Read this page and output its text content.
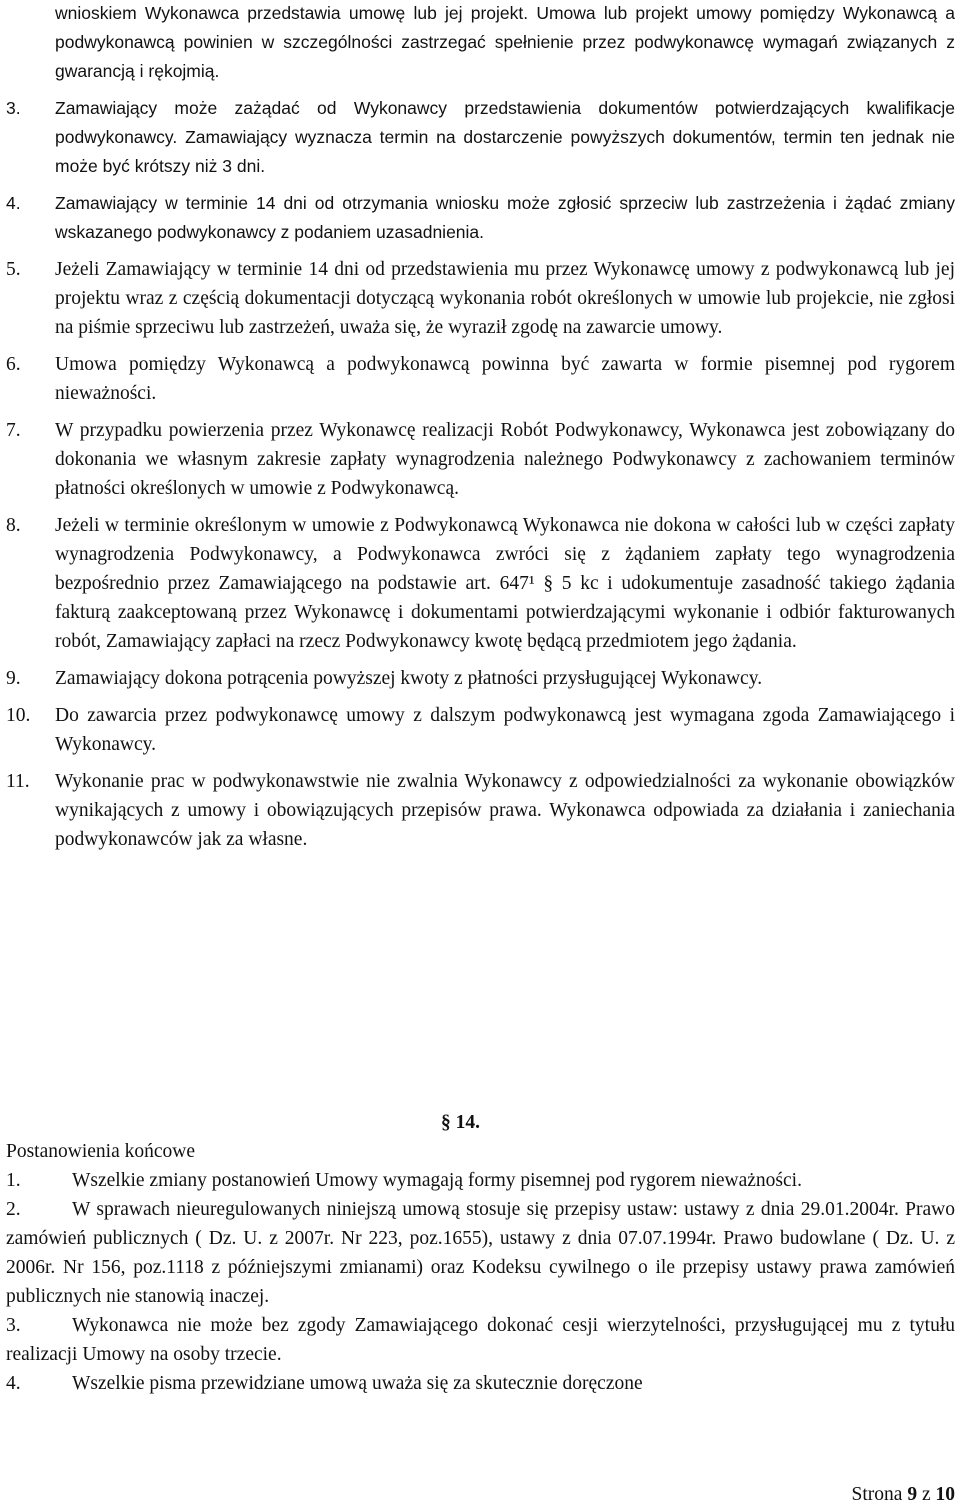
wnioskiem Wykonawca przedstawia umowę lub jej projekt. Umowa lub projekt umowy pomiędzy Wykonawcą a podwykonawcą powinien w szczególności zastrzegać spełnienie przez podwykonawcę wymagań związanych z gwarancją i rękojmią.

3. Zamawiający może zażądać od Wykonawcy przedstawienia dokumentów potwierdzających kwalifikacje podwykonawcy. Zamawiający wyznacza termin na dostarczenie powyższych dokumentów, termin ten jednak nie może być krótszy niż 3 dni.
4. Zamawiający w terminie 14 dni od otrzymania wniosku może zgłosić sprzeciw lub zastrzeżenia i żądać zmiany wskazanego podwykonawcy z podaniem uzasadnienia.
5. Jeżeli Zamawiający w terminie 14 dni od przedstawienia mu przez Wykonawcę umowy z podwykonawcą lub jej projektu wraz z częścią dokumentacji dotyczącą wykonania robót określonych w umowie lub projekcie, nie zgłosi na piśmie sprzeciwu lub zastrzeżeń, uważa się, że wyraził zgodę na zawarcie umowy.
6. Umowa pomiędzy Wykonawcą a podwykonawcą powinna być zawarta w formie pisemnej pod rygorem nieważności.
7. W przypadku powierzenia przez Wykonawcę realizacji Robót Podwykonawcy, Wykonawca jest zobowiązany do dokonania we własnym zakresie zapłaty wynagrodzenia należnego Podwykonawcy z zachowaniem terminów płatności określonych w umowie z Podwykonawcą.
8. Jeżeli w terminie określonym w umowie z Podwykonawcą Wykonawca nie dokona w całości lub w części zapłaty wynagrodzenia Podwykonawcy, a Podwykonawca zwróci się z żądaniem zapłaty tego wynagrodzenia bezpośrednio przez Zamawiającego na podstawie art. 647¹ § 5 kc i udokumentuje zasadność takiego żądania fakturą zaakceptowaną przez Wykonawcę i dokumentami potwierdzającymi wykonanie i odbiór fakturowanych robót, Zamawiający zapłaci na rzecz Podwykonawcy kwotę będącą przedmiotem jego żądania.
9. Zamawiający dokona potrącenia powyższej kwoty z płatności przysługującej Wykonawcy.
10. Do zawarcia przez podwykonawcę umowy z dalszym podwykonawcą jest wymagana zgoda Zamawiającego i Wykonawcy.
11. Wykonanie prac w podwykonawstwie nie zwalnia Wykonawcy z odpowiedzialności za wykonanie obowiązków wynikających z umowy i obowiązujących przepisów prawa. Wykonawca odpowiada za działania i zaniechania podwykonawców jak za własne.
§ 14.
Postanowienia końcowe
1.	Wszelkie zmiany postanowień Umowy wymagają formy pisemnej pod rygorem nieważności.
2.	W sprawach nieuregulowanych niniejszą umową stosuje się przepisy ustaw: ustawy z dnia 29.01.2004r. Prawo zamówień publicznych ( Dz. U. z 2007r. Nr 223, poz.1655), ustawy z dnia 07.07.1994r. Prawo budowlane ( Dz. U. z 2006r. Nr 156, poz.1118 z późniejszymi zmianami) oraz Kodeksu cywilnego o ile przepisy ustawy prawa zamówień publicznych nie stanowią inaczej.
3.	Wykonawca nie może bez zgody Zamawiającego dokonać cesji wierzytelności, przysługującej mu z tytułu realizacji Umowy na osoby trzecie.
4.	Wszelkie pisma przewidziane umową uważa się za skutecznie doręczone
Strona 9 z 10
